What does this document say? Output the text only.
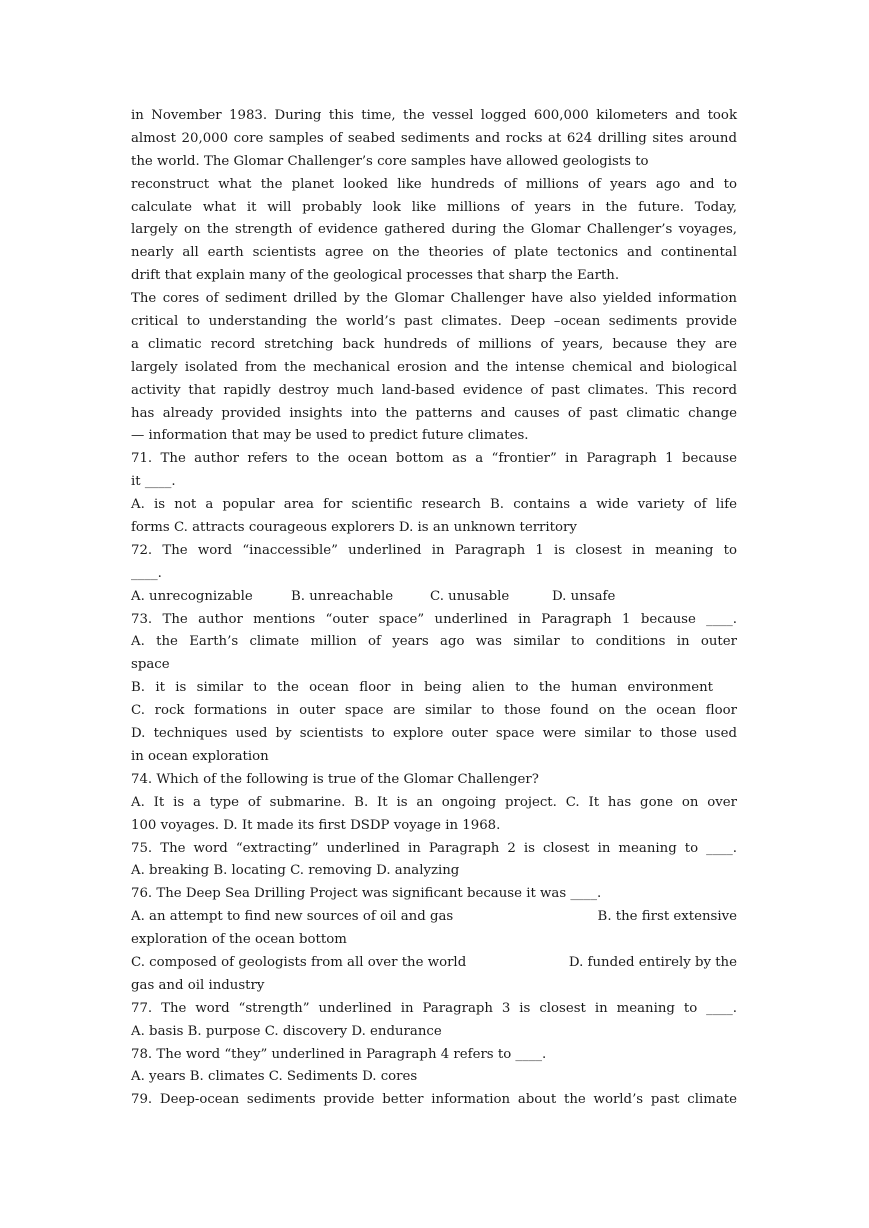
in November 1983. During this time, the vessel logged 600,000 kilometers and took
almost 20,000 core samples of seabed sediments and rocks at 624 drilling sites around
the world. The Glomar Challenger’s core samples have allowed geologists to
reconstruct what the planet looked like hundreds of millions of years ago and to
calculate what it will probably look like millions of years in the future. Today,
largely on the strength of evidence gathered during the Glomar Challenger’s voyages,
nearly all earth scientists agree on the theories of plate tectonics and continental
drift that explain many of the geological processes that sharp the Earth.
The cores of sediment drilled by the Glomar Challenger have also yielded information
critical to understanding the world’s past climates. Deep –ocean sediments provide
a climatic record stretching back hundreds of millions of years, because they are
largely isolated from the mechanical erosion and the intense chemical and biological
activity that rapidly destroy much land-based evidence of past climates. This record
has already provided insights into the patterns and causes of past climatic change
— information that may be used to predict future climates.
71. The author refers to the ocean bottom as a “frontier” in Paragraph 1 because
it ____.
A. is not a popular area for scientific research B. contains a wide variety of life
forms C. attracts courageous explorers D. is an unknown territory
72. The word “inaccessible” underlined in Paragraph 1 is closest in meaning to
____.
A. unrecognizable	B. unreachable	C. unusable	D. unsafe
73. The author mentions “outer space” underlined in Paragraph 1 because ____.
A. the Earth’s climate million of years ago was similar to conditions in outer
space
B. it is similar to the ocean floor in being alien to the human environment
C. rock formations in outer space are similar to those found on the ocean floor
D. techniques used by scientists to explore outer space were similar to those used
in ocean exploration
74. Which of the following is true of the Glomar Challenger?
A. It is a type of submarine. B. It is an ongoing project. C. It has gone on over
100 voyages. D. It made its first DSDP voyage in 1968.
75. The word “extracting” underlined in Paragraph 2 is closest in meaning to ____.
A. breaking B. locating C. removing D. analyzing
76. The Deep Sea Drilling Project was significant because it was ____.
A. an attempt to find new sources of oil and gas	B. the first extensive
exploration of the ocean bottom
C. composed of geologists from all over the world	D. funded entirely by the
gas and oil industry
77. The word “strength” underlined in Paragraph 3 is closest in meaning to ____.
A. basis B. purpose C. discovery D. endurance
78. The word “they” underlined in Paragraph 4 refers to ____.
A. years B. climates C. Sediments D. cores
79. Deep-ocean sediments provide better information about the world’s past climate
